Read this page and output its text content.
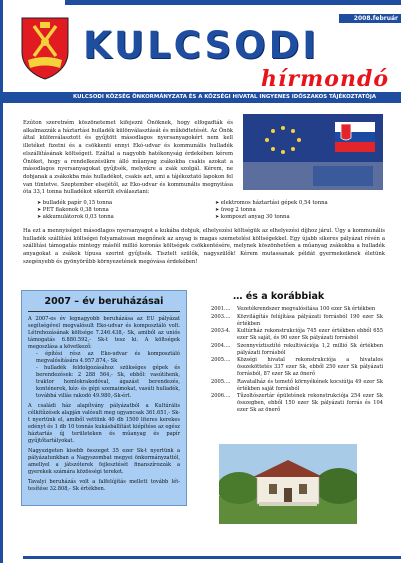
2008.február
KULCSODI
hírmondó
KULCSODI KÖZSÉG ÖNKORMÁNYZATA ÉS A KÖZSÉGI HIVATAL INGYENES IDŐSZAKOS TÁJÉKOZTATÓJA

Ezúton szeretném köszönetemet kifejezni Önöknek, hogy elfogadták és alkalmazzák a háztartási hulladék különválasztását és működtetését. Az Önök által különválasztott és gyűjtött másodlagos nyersanyagokért nem kell illetéket fizetni és a csökkenti ennyi Ekó-udvar és kommunális hulladék elszállításának költségeit. Ezáltal a nagyobb hatékonyság érdekében kérem Önöket, hogy a rendelkezésükre álló műanyag zsákokba csakis azokat a másodlagos nyersanyagokat gyűjtsék, melyekre a zsák szolgál. Kérem, ne dobjanak a zsákokba más hulladékot, csakis azt, ami a tájékoztató lapokon fel van tüntetve. Szeptember elsejétől, az Eko-udvar és kommunális megnyitása óta 33,1 tonna hulladékot sikerült elválasztani:

➤ bulladék papír 0,15 tonna	➤ elektromos háztartási gépek 0,54 tonna
➤ PET flakonok 0,38 tonna	➤ üveg 2 tonna
➤ akkumulátorok 0,03 tonna	➤ komposzt anyag 30 tonna

Ha ezt a mennyiséget másodlagos nyersanyagot a kukába dobjuk, elhelyezési költségük az elhelyezési díjhoz járul. Úgy a kommunális hulladék szállítási költségei folyamatosan megnőnek az anyag is magas szemetelési költségekkel. Egy újabb sikeres pályázat révén a szállítási támogatás mintegy másfél millió koronás költségek csökkentésére, melynek köszönhetően a műanyag zsákokba a hulladék anyagokat a zsákok típusa szerint gyűjtsék. Tisztelt szülők, nagyszülők! Kérem mutassanak példát gyermekeiknek életünk szegényebb és gyönyörűbb környezetének megóvása érdekében!

2007 – év beruházásai

A 2007-es év legnagyobb beruházása az EU pályázat segítségével megvalósult Eko-udvar és komposztáló volt. Létrehozásának költsége 7.246.438,- Sk, amiből az uniós támogatás 6.880.592,- Sk-t tesz ki. A költségek megoszlása a következő:

- építési rész az Eko-udvar és komposztáló megvalósítására 4.957.874,- Sk
- hulladék feldolgozásához szükséges gépek és berendezések: 2 288 564,- Sk, ebből: vasútihenk, traktor homlokrakodóval, ágazást berendezés, konténerek, kéz- és gépi szemaimokat, vasúti hulladék, továbbá villás rakodó 49.980,-Sk-ért.

A családi ház alapítvány pályázatból a Kultúrális célkitűzések alapján valósult meg ugyancsak 361.651,- Sk-t nyertünk el, amiből vettünk 40 db 1500 literes kerekes edényt és 1 db 10 tonnás kukásbállítást kiépítése az egész háztartás új területeken és műanyag és papír gyűjtőtartályokat.

Nagyszigeten kisebb összeget 35 ezer Sk-t nyertünk a pályázatunkban a Nagyszombat megyei önkormányzattól, amellyel a játszóterek fejlesztését finanszírozzák a gyerekek számára közösségi tereket.

Tavalyi beruházás volt a falfelújítás mellett tovább lét-tesítése 32.808,- Sk értékben.

… és a korábbiak
2001....	Vezetékrendszer megvalósítása 100 ezer Sk értékben
2003....	Közvilágítás felújítása pályázati forrásból 190 ezer Sk értékben
2003-4.	Kultúrház rekonstrukciója 745 ezer értékben ebből 655 ezer Sk saját, és 90 ezer Sk pályázati forrásból
2004....	Szennyvíztisztító rekultivációja 1,2 millió Sk értékben pályázati forrásból
2005....	Községi hivatal rekonstrukciója a hivatalos összeköttetés 337 ezer Sk, ebből 250 ezer Sk pályázati forrásból, 87 ezer Sk az önerő
2005....	Ravatalház és temető környékének kocsiútja 49 ezer Sk értékben saját forrásból
2006....	Tűzoltószertár épületének rekonstrukciója 254 ezer Sk összegben, ebből 150 ezer Sk pályázati forrás és 104 ezer Sk az önerő
